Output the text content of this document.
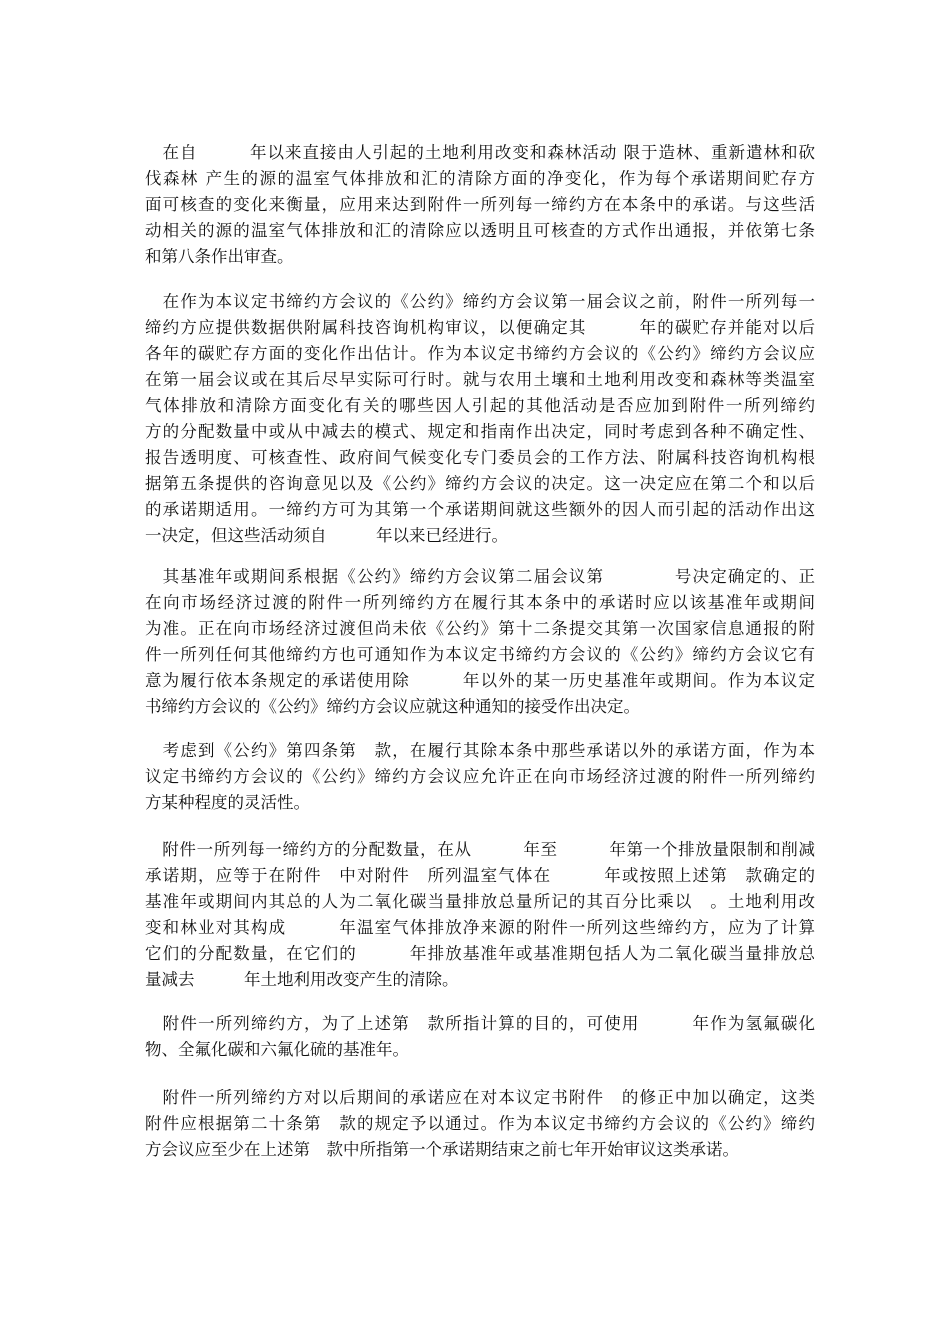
　在自　　　年以来直接由人引起的土地利用改变和森林活动 限于造林、重新遣林和砍
伐森林 产生的源的温室气体排放和汇的清除方面的净变化，作为每个承诺期间贮存方
面可核查的变化来衡量，应用来达到附件一所列每一缔约方在本条中的承诺。与这些活
动相关的源的温室气体排放和汇的清除应以透明且可核查的方式作出通报，并依第七条
和第八条作出审查。

　在作为本议定书缔约方会议的《公约》缔约方会议第一届会议之前，附件一所列每一
缔约方应提供数据供附属科技咨询机构审议，以便确定其　　　年的碳贮存并能对以后
各年的碳贮存方面的变化作出估计。作为本议定书缔约方会议的《公约》缔约方会议应
在第一届会议或在其后尽早实际可行时。就与农用土壤和土地利用改变和森林等类温室
气体排放和清除方面变化有关的哪些因人引起的其他活动是否应加到附件一所列缔约
方的分配数量中或从中减去的模式、规定和指南作出决定，同时考虑到各种不确定性、
报告透明度、可核查性、政府间气候变化专门委员会的工作方法、附属科技咨询机构根
据第五条提供的咨询意见以及《公约》缔约方会议的决定。这一决定应在第二个和以后
的承诺期适用。一缔约方可为其第一个承诺期间就这些额外的因人而引起的活动作出这
一决定，但这些活动须自　　　年以来已经进行。

　其基准年或期间系根据《公约》缔约方会议第二届会议第　　　　号决定确定的、正
在向市场经济过渡的附件一所列缔约方在履行其本条中的承诺时应以该基准年或期间
为准。正在向市场经济过渡但尚未依《公约》第十二条提交其第一次国家信息通报的附
件一所列任何其他缔约方也可通知作为本议定书缔约方会议的《公约》缔约方会议它有
意为履行依本条规定的承诺使用除　　　年以外的某一历史基准年或期间。作为本议定
书缔约方会议的《公约》缔约方会议应就这种通知的接受作出决定。

　考虑到《公约》第四条第　款，在履行其除本条中那些承诺以外的承诺方面，作为本
议定书缔约方会议的《公约》缔约方会议应允许正在向市场经济过渡的附件一所列缔约
方某种程度的灵活性。

　附件一所列每一缔约方的分配数量，在从　　　年至　　　年第一个排放量限制和削减
承诺期，应等于在附件　中对附件　所列温室气体在　　　年或按照上述第　款确定的
基准年或期间内其总的人为二氧化碳当量排放总量所记的其百分比乘以　。土地利用改
变和林业对其构成　　　年温室气体排放净来源的附件一所列这些缔约方，应为了计算
它们的分配数量，在它们的　　　年排放基准年或基准期包括人为二氧化碳当量排放总
量减去　　　年土地利用改变产生的清除。

　附件一所列缔约方，为了上述第　款所指计算的目的，可使用　　　年作为氢氟碳化
物、全氟化碳和六氟化硫的基准年。

　附件一所列缔约方对以后期间的承诺应在对本议定书附件　的修正中加以确定，这类
附件应根据第二十条第　款的规定予以通过。作为本议定书缔约方会议的《公约》缔约
方会议应至少在上述第　款中所指第一个承诺期结束之前七年开始审议这类承诺。
